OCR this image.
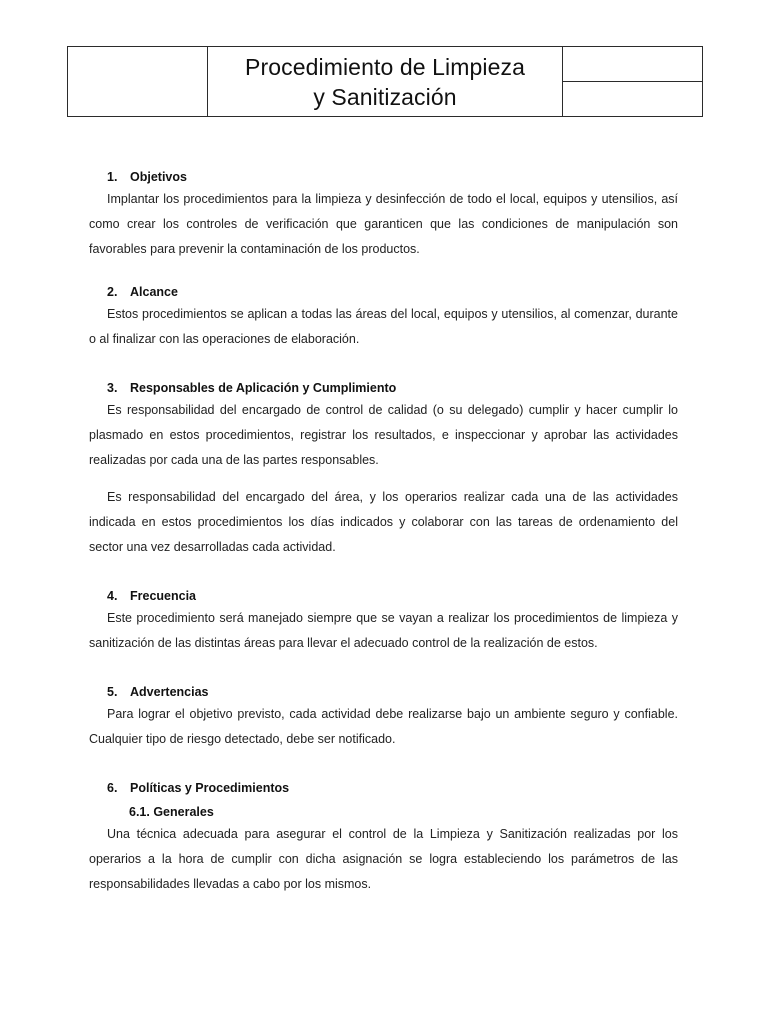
Procedimiento de Limpieza
y Sanitización

1. Objetivos

Implantar los procedimientos para la limpieza y desinfección de todo el local, equipos y utensilios, así como crear los controles de verificación que garanticen que las condiciones de manipulación son favorables para prevenir la contaminación de los productos.

2. Alcance

Estos procedimientos se aplican a todas las áreas del local, equipos y utensilios, al comenzar, durante o al finalizar con las operaciones de elaboración.

3. Responsables de Aplicación y Cumplimiento

Es responsabilidad del encargado de control de calidad (o su delegado) cumplir y hacer cumplir lo plasmado en estos procedimientos, registrar los resultados, e inspeccionar y aprobar las actividades realizadas por cada una de las partes responsables.

Es responsabilidad del encargado del área, y los operarios realizar cada una de las actividades indicada en estos procedimientos los días indicados y colaborar con las tareas de ordenamiento del sector una vez desarrolladas cada actividad.

4. Frecuencia

Este procedimiento será manejado siempre que se vayan a realizar los procedimientos de limpieza y sanitización de las distintas áreas para llevar el adecuado control de la realización de estos.

5. Advertencias

Para lograr el objetivo previsto, cada actividad debe realizarse bajo un ambiente seguro y confiable. Cualquier tipo de riesgo detectado, debe ser notificado.

6. Políticas y Procedimientos

6.1. Generales

Una técnica adecuada para asegurar el control de la Limpieza y Sanitización realizadas por los operarios a la hora de cumplir con dicha asignación se logra estableciendo los parámetros de las responsabilidades llevadas a cabo por los mismos.
